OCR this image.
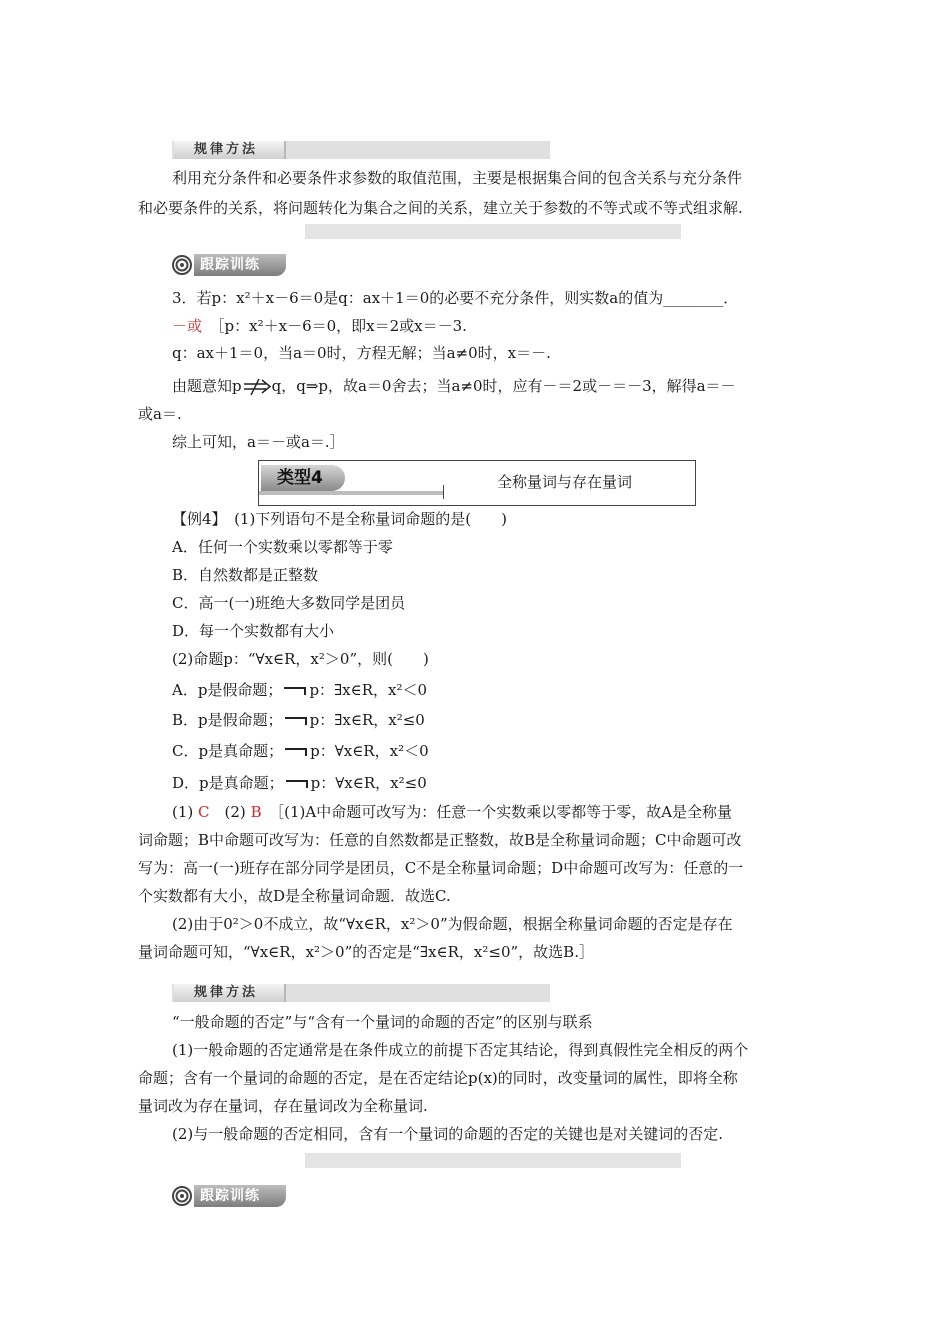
规律方法
利用充分条件和必要条件求参数的取值范围，主要是根据集合间的包含关系与充分条件
和必要条件的关系，将问题转化为集合之间的关系，建立关于参数的不等式或不等式组求解.
跟踪训练
3．若p：x²＋x－6＝0是q：ax＋1＝0的必要不充分条件，则实数a的值为________．
－或　 ［p：x²＋x－6＝0，即x＝2或x＝－3.
q：ax＋1＝0，当a＝0时，方程无解；当a≠0时，x＝－.
由题意知p q，q⇒p，故a＝0舍去；当a≠0时，应有－＝2或－＝－3，解得a＝－
或a＝.
综上可知，a＝－或a＝.］
类型4	全称量词与存在量词
【例4】　 (1)下列语句不是全称量词命题的是(　　)
A．任何一个实数乘以零都等于零
B．自然数都是正整数
C．高一(一)班绝大多数同学是团员
D．每一个实数都有大小
(2)命题p：“∀x∈R，x²＞0”，则(　　)
A．p是假命题； p：∃x∈R，x²＜0
B．p是假命题； p：∃x∈R，x²≤0
C．p是真命题； p：∀x∈R，x²＜0
D．p是真命题； p：∀x∈R，x²≤0
(1) C　 (2) B　 ［(1)A中命题可改写为：任意一个实数乘以零都等于零，故A是全称量
词命题；B中命题可改写为：任意的自然数都是正整数，故B是全称量词命题；C中命题可改
写为：高一(一)班存在部分同学是团员，C不是全称量词命题；D中命题可改写为：任意的一
个实数都有大小，故D是全称量词命题．故选C.
(2)由于0²＞0不成立，故“∀x∈R，x²＞0”为假命题，根据全称量词命题的否定是存在
量词命题可知，“∀x∈R，x²＞0”的否定是“∃x∈R，x²≤0”，故选B.］
规律方法
“一般命题的否定”与“含有一个量词的命题的否定”的区别与联系
(1)一般命题的否定通常是在条件成立的前提下否定其结论，得到真假性完全相反的两个
命题；含有一个量词的命题的否定，是在否定结论p(x)的同时，改变量词的属性，即将全称
量词改为存在量词，存在量词改为全称量词.
(2)与一般命题的否定相同，含有一个量词的命题的否定的关键也是对关键词的否定.
跟踪训练
